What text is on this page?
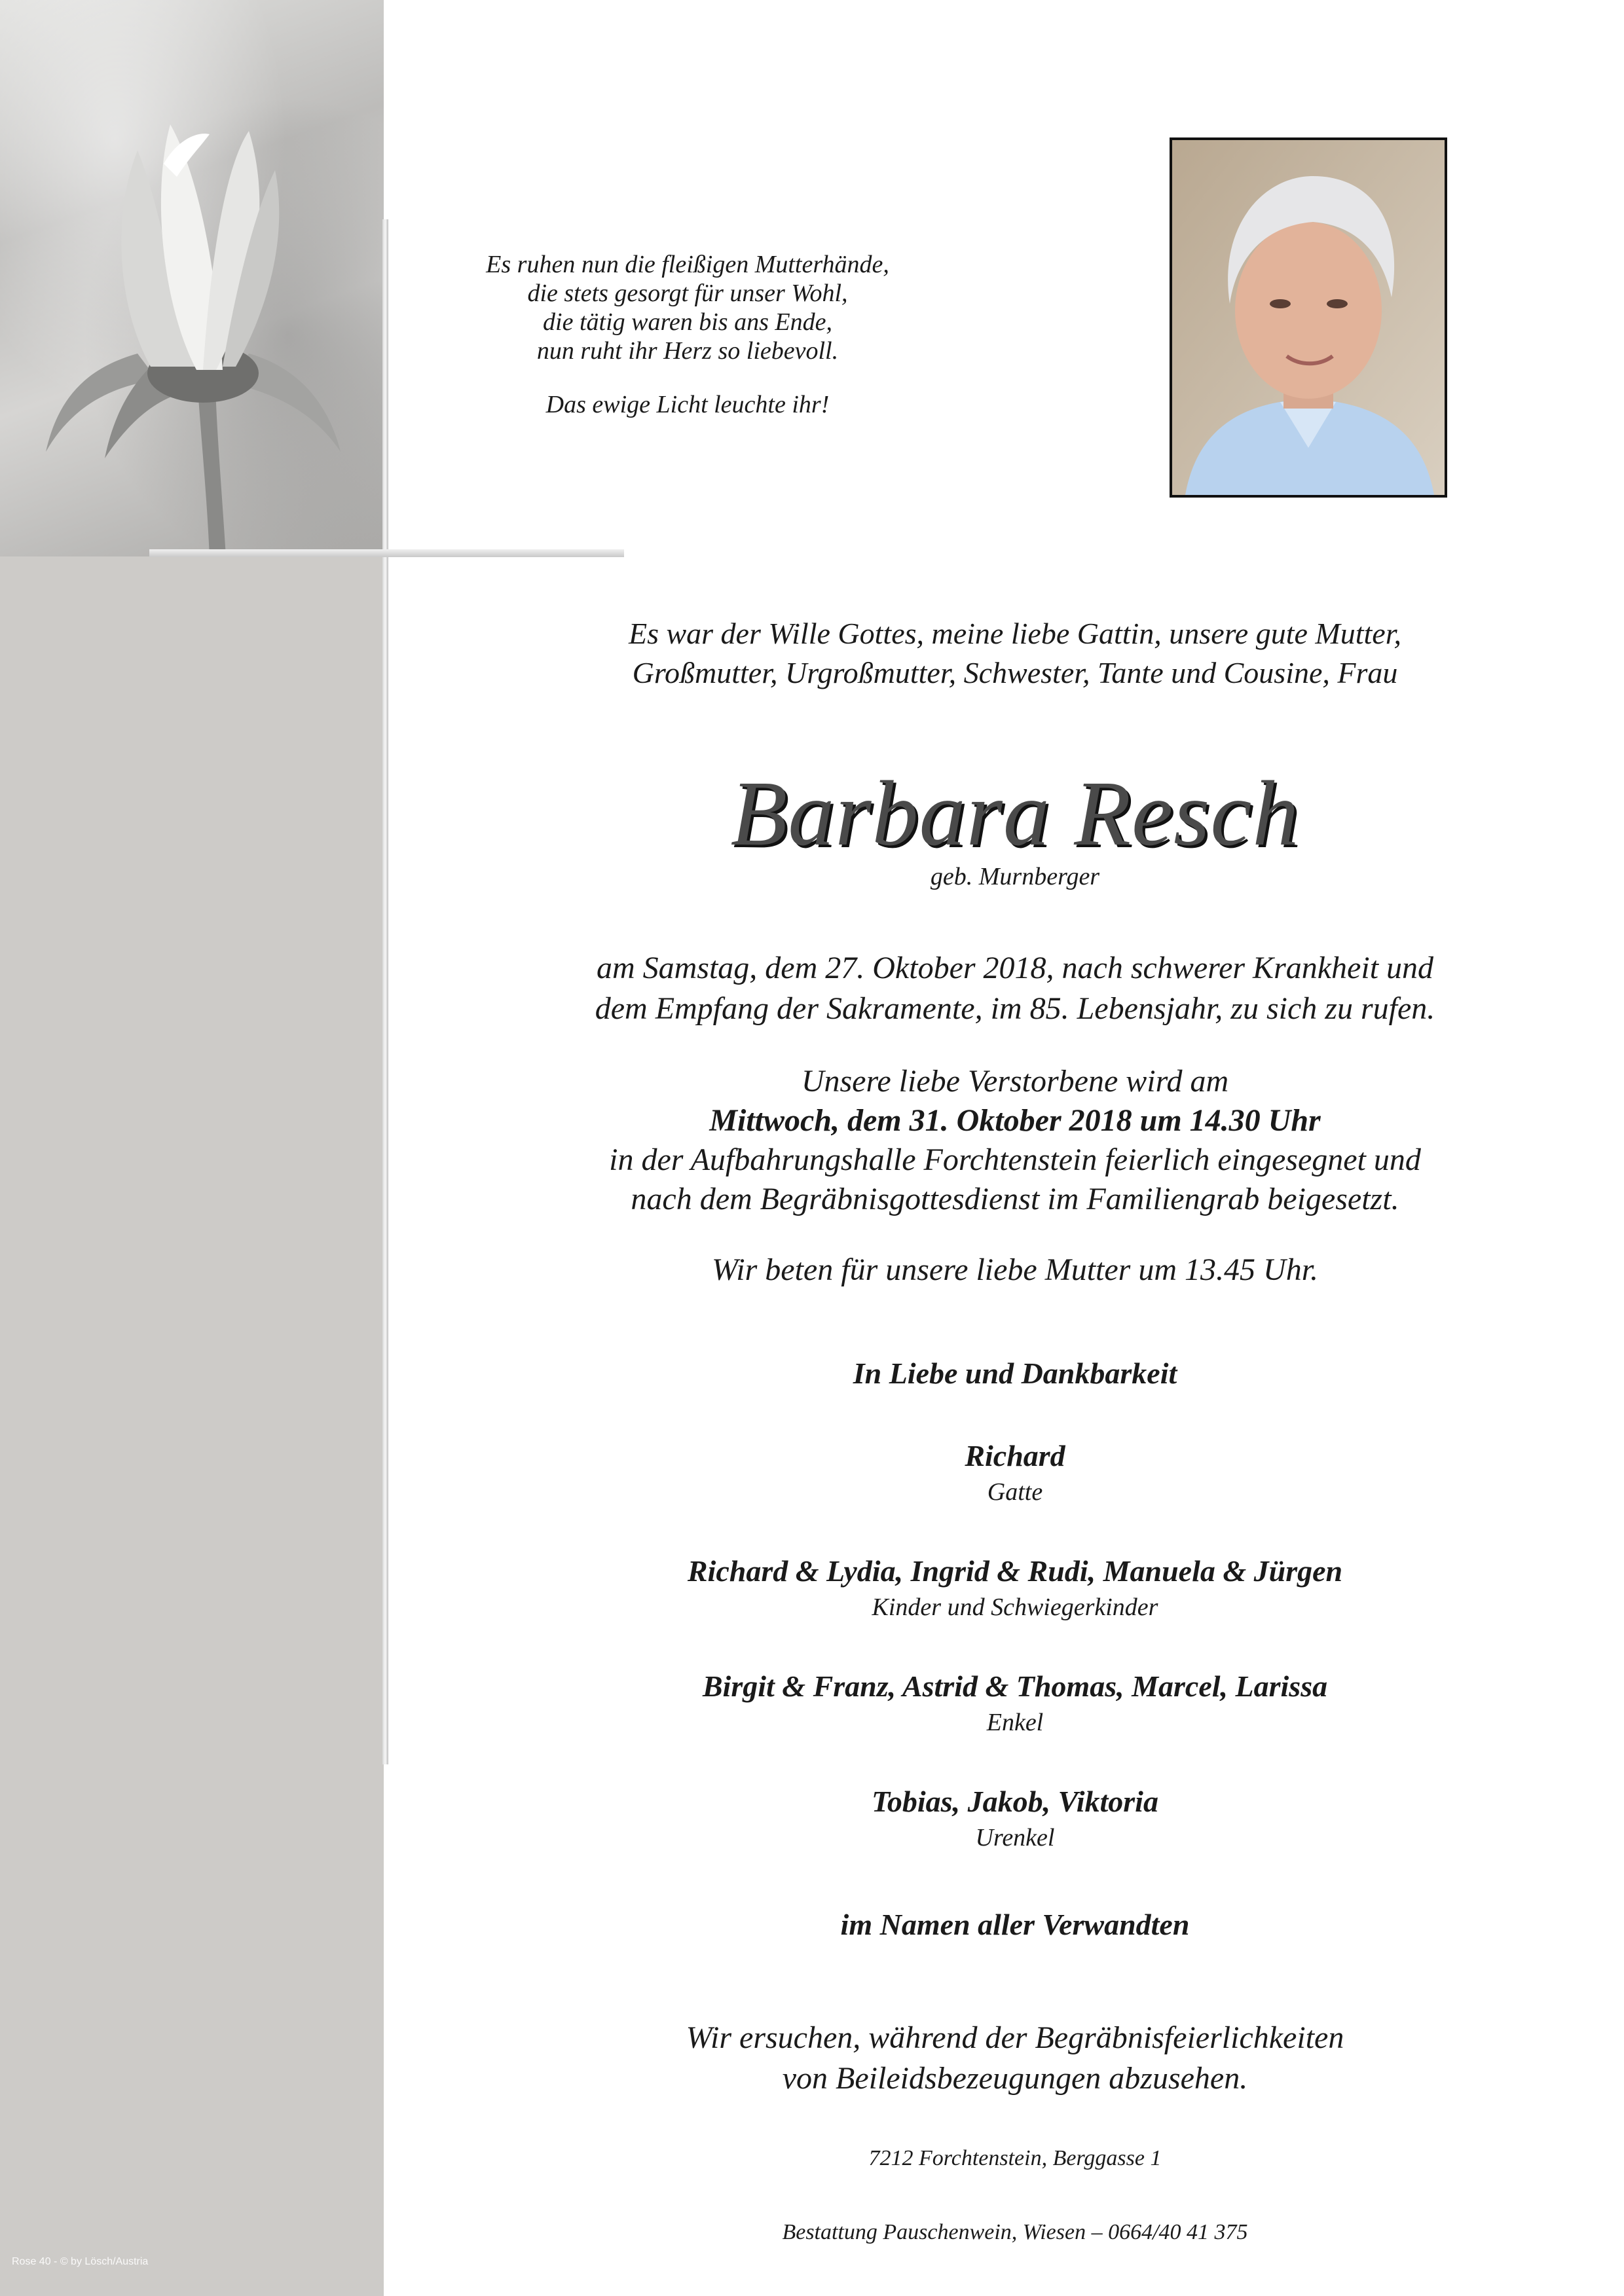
Rose 40 - © by Lösch/Austria
Es ruhen nun die fleißigen Mutterhände,
die stets gesorgt für unser Wohl,
die tätig waren bis ans Ende,
nun ruht ihr Herz so liebevoll.
Das ewige Licht leuchte ihr!
Es war der Wille Gottes, meine liebe Gattin, unsere gute Mutter,
Großmutter, Urgroßmutter, Schwester, Tante und Cousine, Frau
Barbara Resch
geb. Murnberger
am Samstag, dem 27. Oktober 2018, nach schwerer Krankheit und
dem Empfang der Sakramente, im 85. Lebensjahr, zu sich zu rufen.
Unsere liebe Verstorbene wird am
Mittwoch, dem 31. Oktober 2018 um 14.30 Uhr
in der Aufbahrungshalle Forchtenstein feierlich eingesegnet und
nach dem Begräbnisgottesdienst im Familiengrab beigesetzt.
Wir beten für unsere liebe Mutter um 13.45 Uhr.
In Liebe und Dankbarkeit
Richard
Gatte
Richard & Lydia, Ingrid & Rudi, Manuela & Jürgen
Kinder und Schwiegerkinder
Birgit & Franz, Astrid & Thomas, Marcel, Larissa
Enkel
Tobias, Jakob, Viktoria
Urenkel
im Namen aller Verwandten
Wir ersuchen, während der Begräbnisfeierlichkeiten
von Beileidsbezeugungen abzusehen.
7212 Forchtenstein, Berggasse 1
Bestattung Pauschenwein, Wiesen – 0664/40 41 375
